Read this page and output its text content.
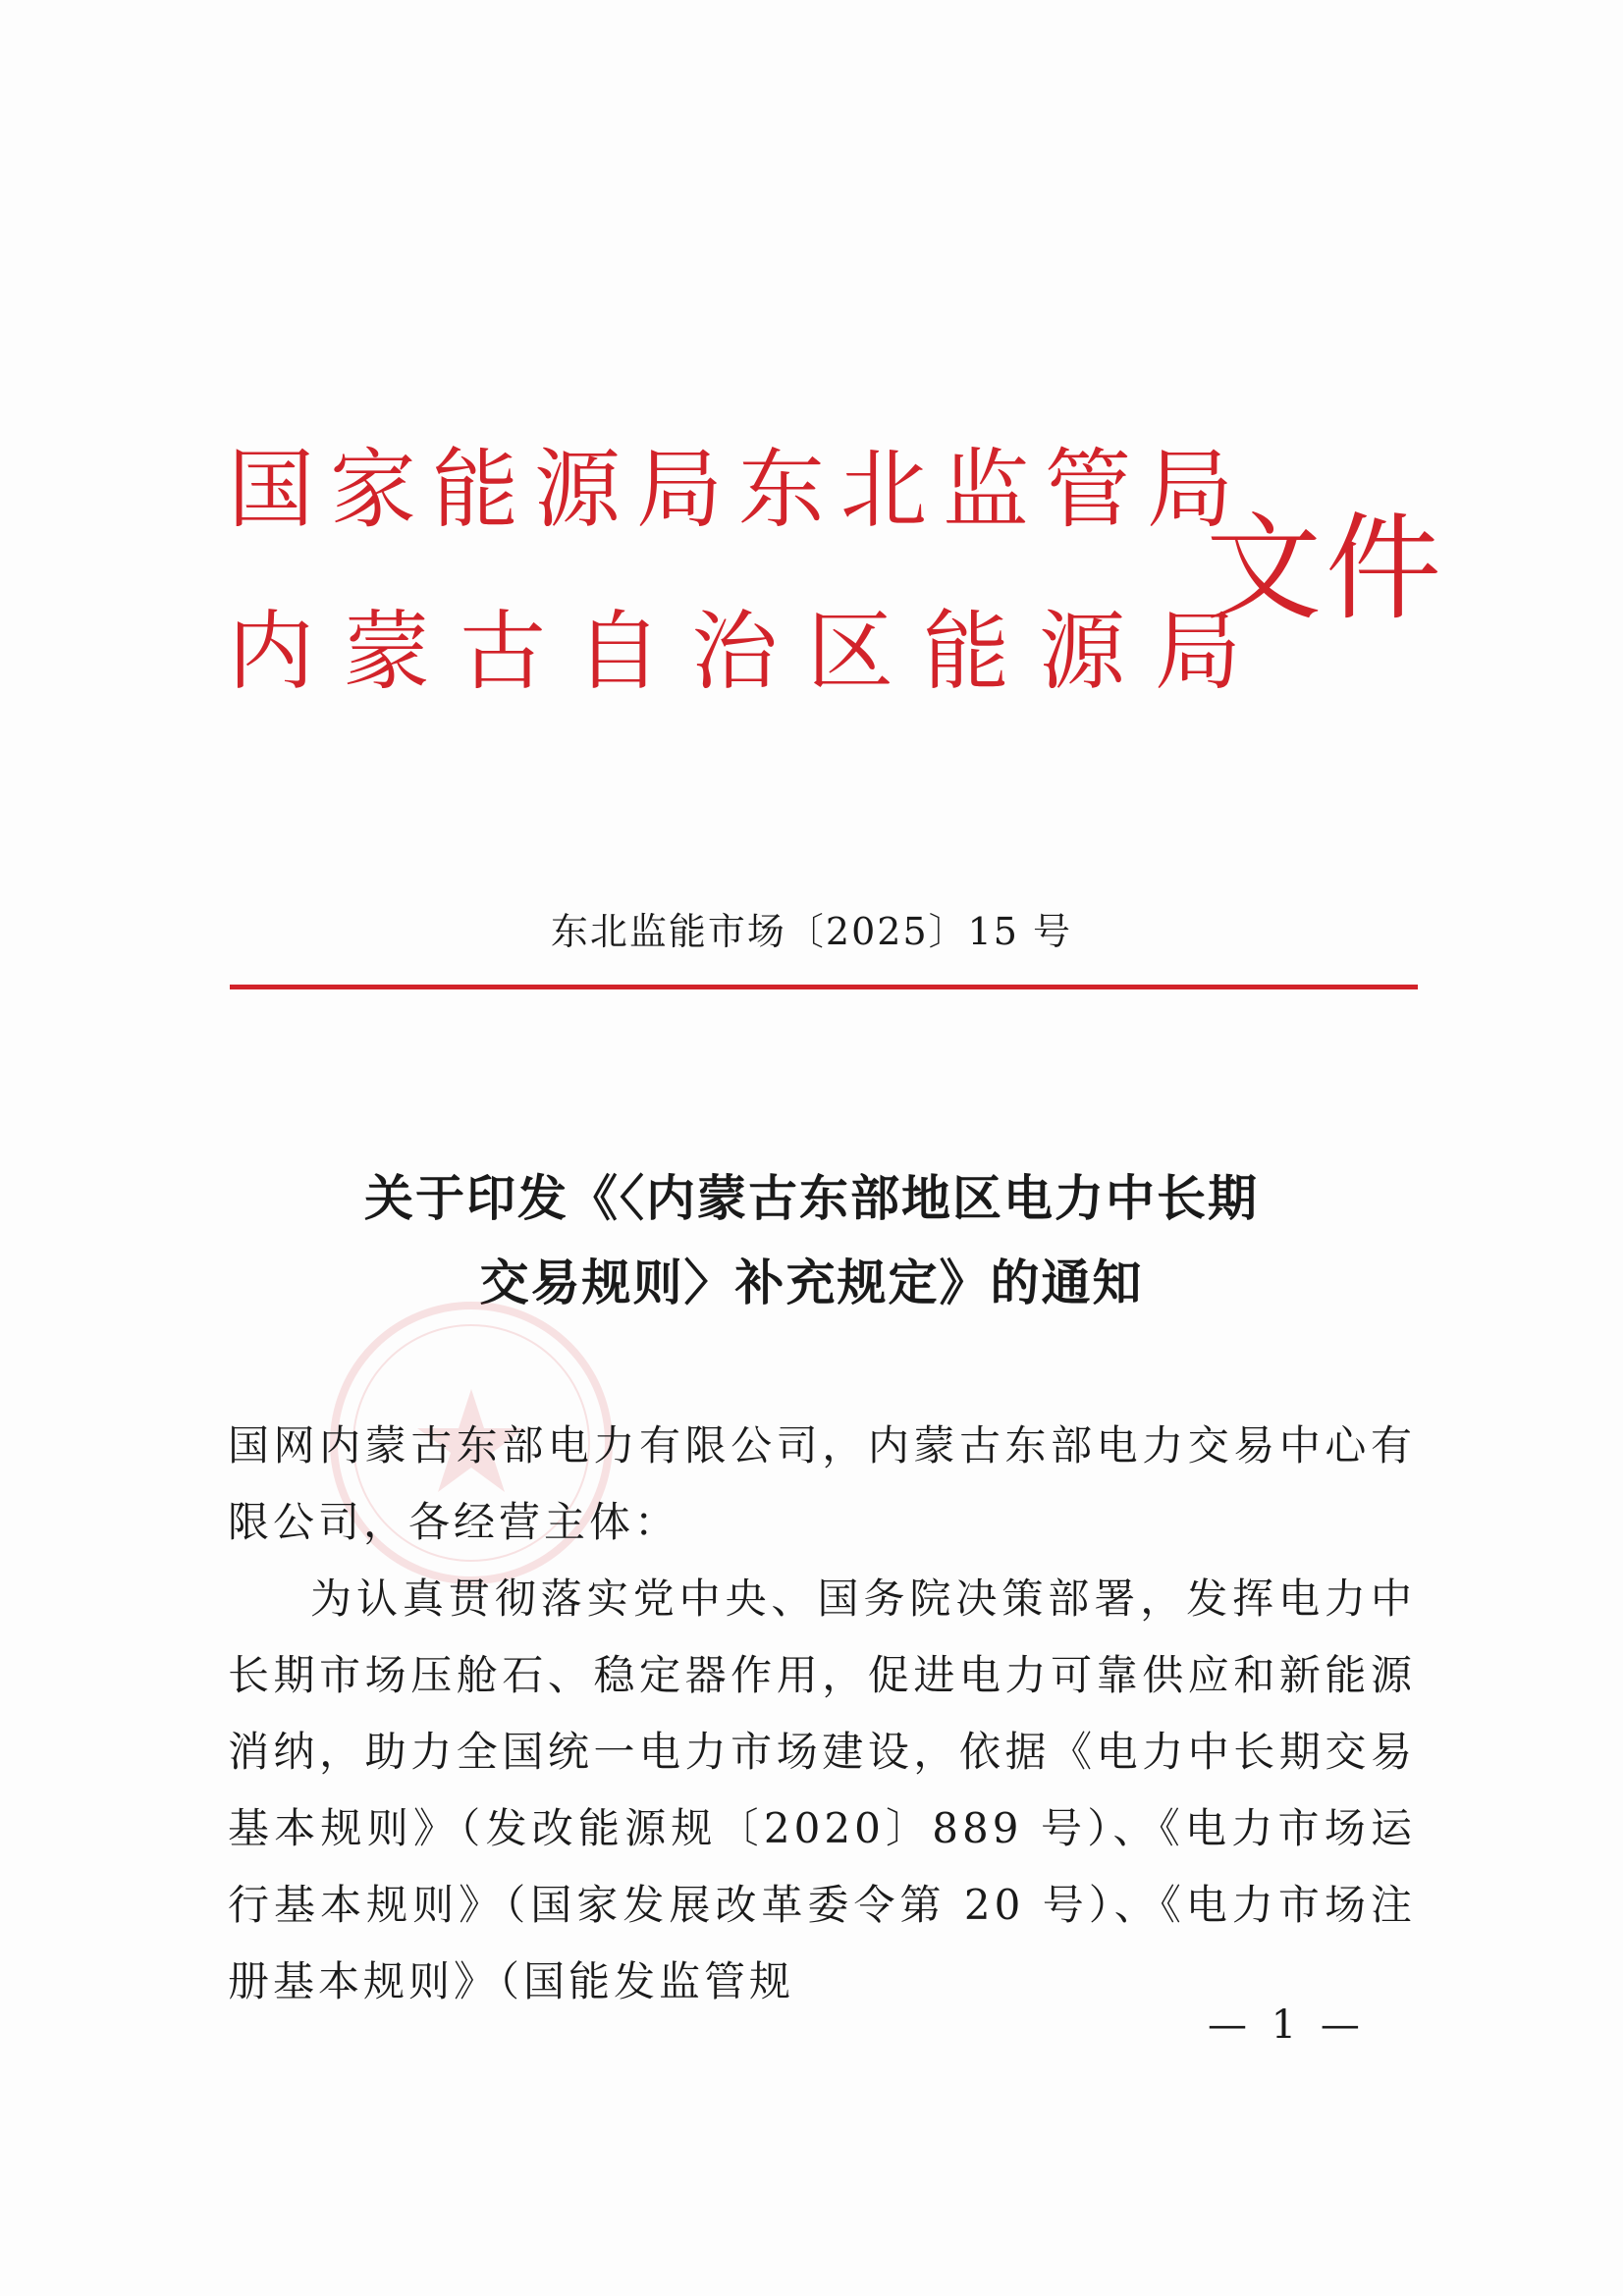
国家能源局东北监管局
内蒙古自治区能源局
文件
东北监能市场〔2025〕15 号
关于印发《〈内蒙古东部地区电力中长期
交易规则〉补充规定》的通知
国网内蒙古东部电力有限公司，内蒙古东部电力交易中心有限公司，各经营主体：
为认真贯彻落实党中央、国务院决策部署，发挥电力中长期市场压舱石、稳定器作用，促进电力可靠供应和新能源消纳，助力全国统一电力市场建设，依据《电力中长期交易基本规则》（发改能源规〔2020〕889 号）、《电力市场运行基本规则》（国家发展改革委令第 20 号）、《电力市场注册基本规则》（国能发监管规
— 1 —
